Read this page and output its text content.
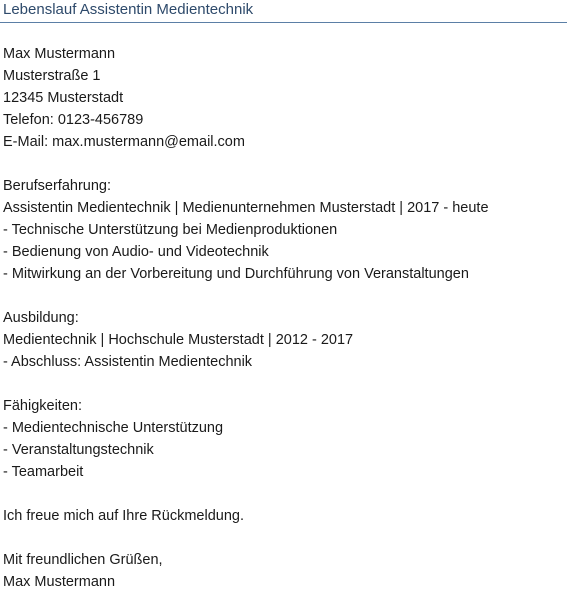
Lebenslauf Assistentin Medientechnik
Max Mustermann
Musterstraße 1
12345 Musterstadt
Telefon: 0123-456789
E-Mail: max.mustermann@email.com
Berufserfahrung:
Assistentin Medientechnik | Medienunternehmen Musterstadt | 2017 - heute
- Technische Unterstützung bei Medienproduktionen
- Bedienung von Audio- und Videotechnik
- Mitwirkung an der Vorbereitung und Durchführung von Veranstaltungen
Ausbildung:
Medientechnik | Hochschule Musterstadt | 2012 - 2017
- Abschluss: Assistentin Medientechnik
Fähigkeiten:
- Medientechnische Unterstützung
- Veranstaltungstechnik
- Teamarbeit
Ich freue mich auf Ihre Rückmeldung.
Mit freundlichen Grüßen,
Max Mustermann
